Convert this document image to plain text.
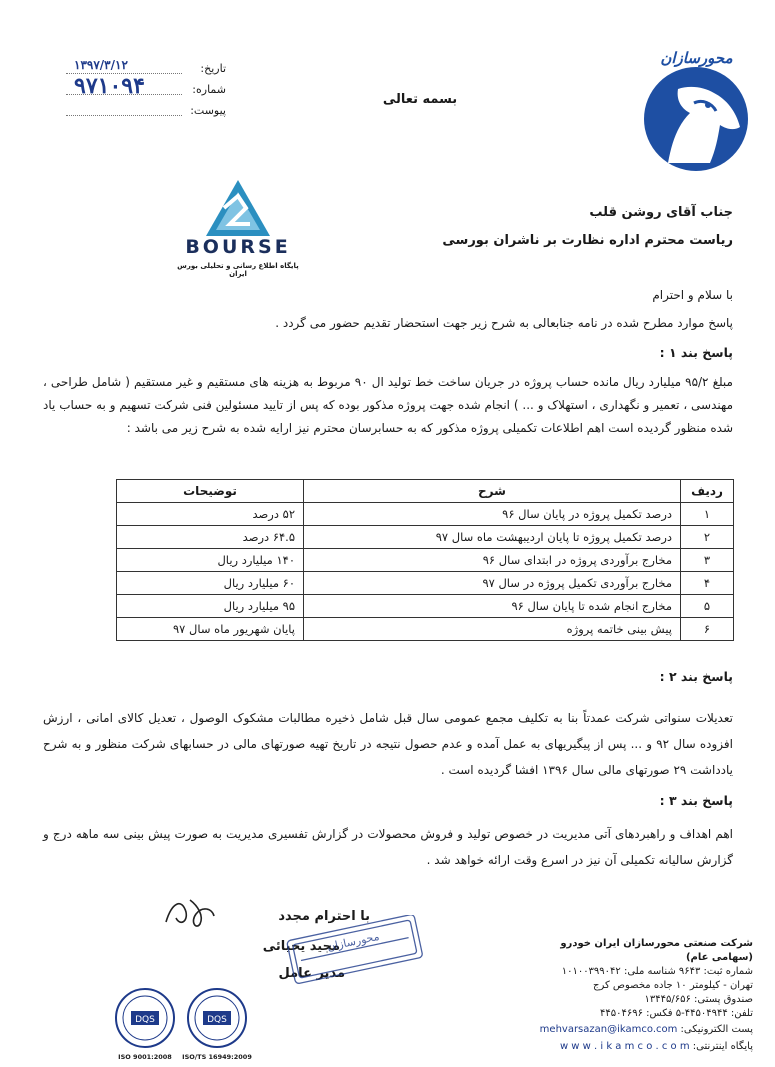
تاریخ:
۱۳۹۷/۳/۱۲
شماره:
۹۷۱۰۹۴
پیوست:
بسمه تعالی
محورسازان
BOURSE
پایگاه اطلاع رسانی و تحلیلی بورس ایران
جناب آقای روشن قلب
ریاست محترم اداره نظارت بر ناشران بورسی
با سلام و احترام
پاسخ موارد مطرح شده در نامه جنابعالی به شرح زیر جهت استحضار تقدیم حضور می گردد .
پاسخ بند ۱ :
مبلغ ۹۵/۲ میلیارد ریال مانده حساب پروژه در جریان ساخت خط تولید ال ۹۰ مربوط به هزینه های مستقیم و غیر مستقیم ( شامل طراحی ، مهندسی ، تعمیر و نگهداری ، استهلاک و ... ) انجام شده جهت پروژه مذکور بوده که پس از تایید مسئولین فنی شرکت تسهیم و به حساب یاد شده منظور گردیده است اهم اطلاعات تکمیلی پروژه مذکور که به حسابرسان محترم نیز ارایه شده به شرح زیر می باشد :
ردیف	شرح	توضیحات
۱	درصد تکمیل پروژه در پایان سال ۹۶	۵۲ درصد
۲	درصد تکمیل پروژه تا پایان اردیبهشت ماه سال ۹۷	۶۴.۵ درصد
۳	مخارج برآوردی پروژه در ابتدای سال ۹۶	۱۴۰ میلیارد ریال
۴	مخارج برآوردی تکمیل پروژه در سال ۹۷	۶۰ میلیارد ریال
۵	مخارج انجام شده تا پایان سال ۹۶	۹۵ میلیارد ریال
۶	پیش بینی خاتمه پروژه	پایان شهریور ماه سال ۹۷
پاسخ بند ۲ :
تعدیلات سنواتی شرکت عمدتاً بنا به تکلیف مجمع عمومی سال قبل شامل ذخیره مطالبات مشکوک الوصول ، تعدیل کالای امانی ، ارزش افزوده سال ۹۲ و ... پس از پیگیریهای به عمل آمده و عدم حصول نتیجه در تاریخ تهیه صورتهای مالی در حسابهای شرکت منظور و به شرح یادداشت ۲۹ صورتهای مالی سال ۱۳۹۶ افشا گردیده است .
پاسخ بند ۳ :
اهم اهداف و راهبردهای آتی مدیریت در خصوص تولید و فروش محصولات در گزارش تفسیری مدیریت به صورت پیش بینی سه ماهه درج و گزارش سالیانه تکمیلی آن نیز در اسرع وقت ارائه خواهد شد .
با احترام مجدد
مجید یحیائی
مدیر عامل
محورسازان	شرکت صنعتی محورسازان ایران خودرو (سهامی عام)
شماره ثبت: ۹۶۴۳ شناسه ملی: ۱۰۱۰۰۳۹۹۰۴۲
تهران - کیلومتر ۱۰ جاده مخصوص کرج
صندوق پستی: ۱۳۴۴۵/۶۵۶
تلفن: ۴۴۵۰۴۹۴۴-۵ فکس: ۴۴۵۰۴۶۹۶
پست الکترونیکی: mehvarsazan@ikamco.com
پایگاه اینترنتی: w w w . i k a m c o . c o m
DQS
ISO 9001:2008
DQS
ISO/TS 16949:2009
